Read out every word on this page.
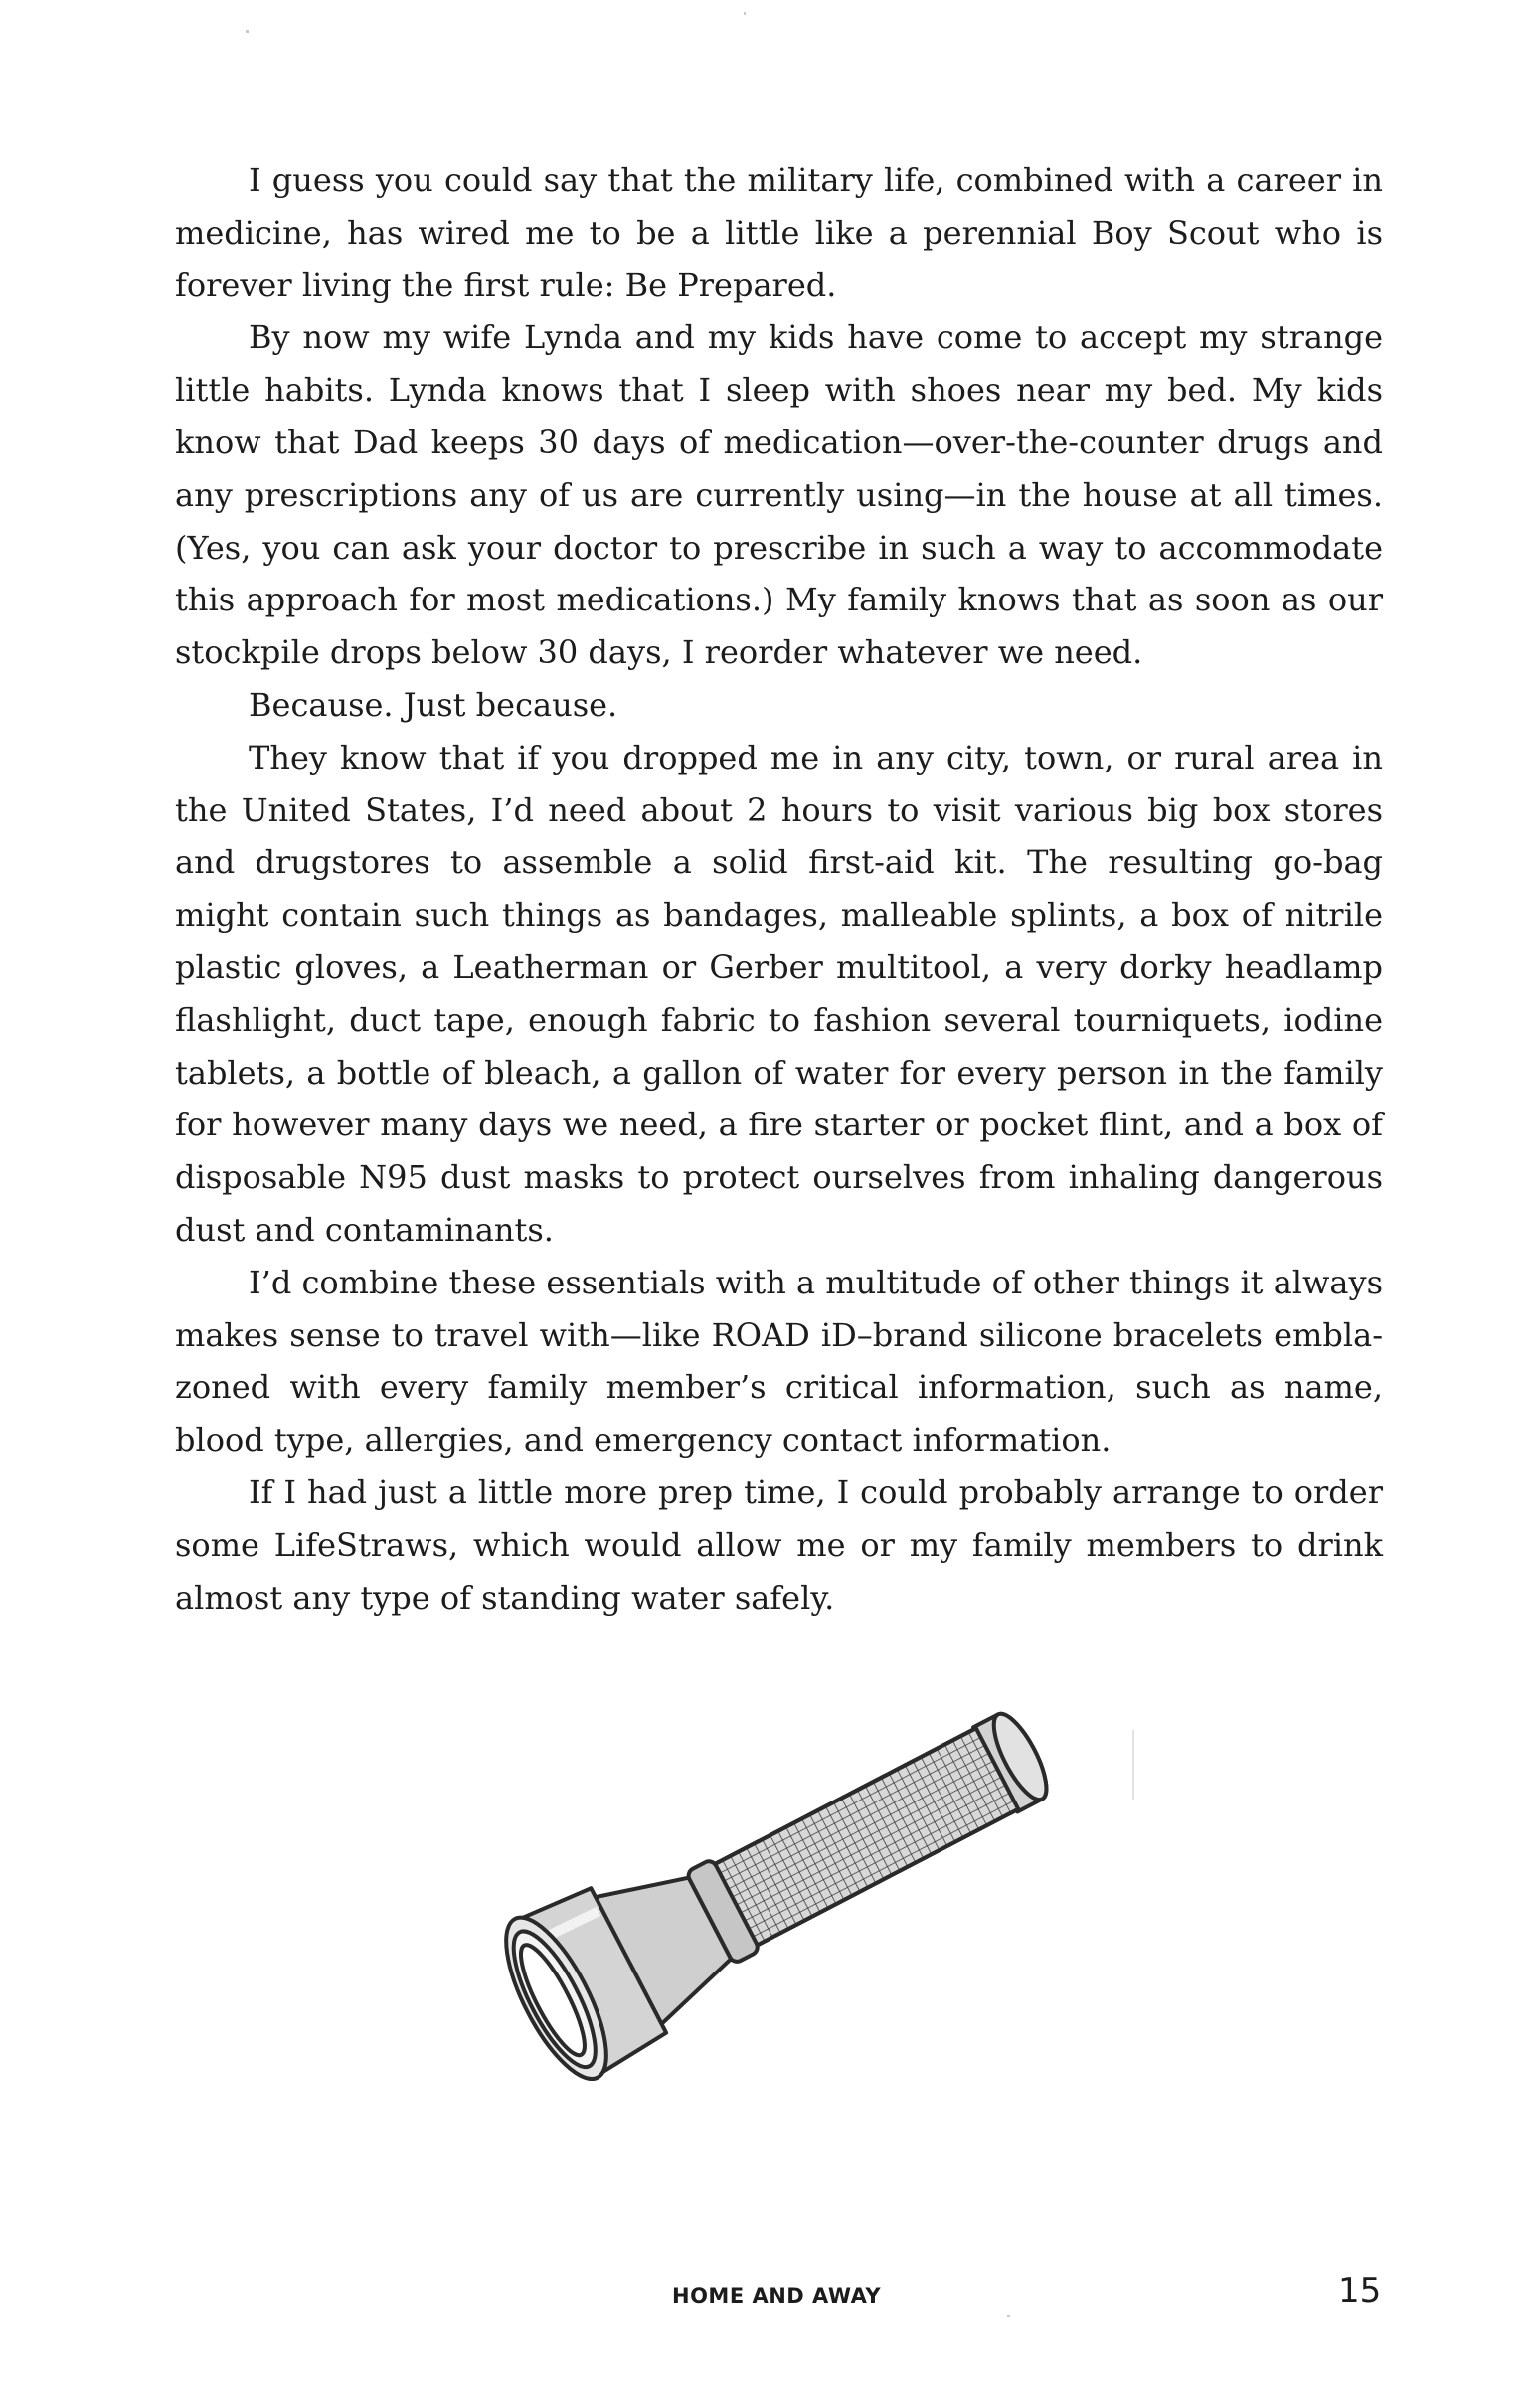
I guess you could say that the military life, combined with a career in medicine, has wired me to be a little like a perennial Boy Scout who is forever living the first rule: Be Prepared.

By now my wife Lynda and my kids have come to accept my strange little habits. Lynda knows that I sleep with shoes near my bed. My kids know that Dad keeps 30 days of medication—over-the-counter drugs and any prescriptions any of us are currently using—in the house at all times. (Yes, you can ask your doctor to prescribe in such a way to accommodate this approach for most medications.) My family knows that as soon as our stockpile drops below 30 days, I reorder whatever we need.

Because. Just because.

They know that if you dropped me in any city, town, or rural area in the United States, I’d need about 2 hours to visit various big box stores and drugstores to assemble a solid first-aid kit. The resulting go-bag might contain such things as bandages, malleable splints, a box of nitrile plastic gloves, a Leatherman or Gerber multitool, a very dorky headlamp flashlight, duct tape, enough fabric to fashion several tourniquets, iodine tablets, a bottle of bleach, a gallon of water for every person in the family for however many days we need, a fire starter or pocket flint, and a box of disposable N95 dust masks to protect ourselves from inhaling dangerous dust and contaminants.

I’d combine these essentials with a multitude of other things it always makes sense to travel with—like ROAD iD–brand silicone bracelets emblazoned with every family member’s critical information, such as name, blood type, allergies, and emergency contact information.

If I had just a little more prep time, I could probably arrange to order some LifeStraws, which would allow me or my family members to drink almost any type of standing water safely.

HOME AND AWAY	15
